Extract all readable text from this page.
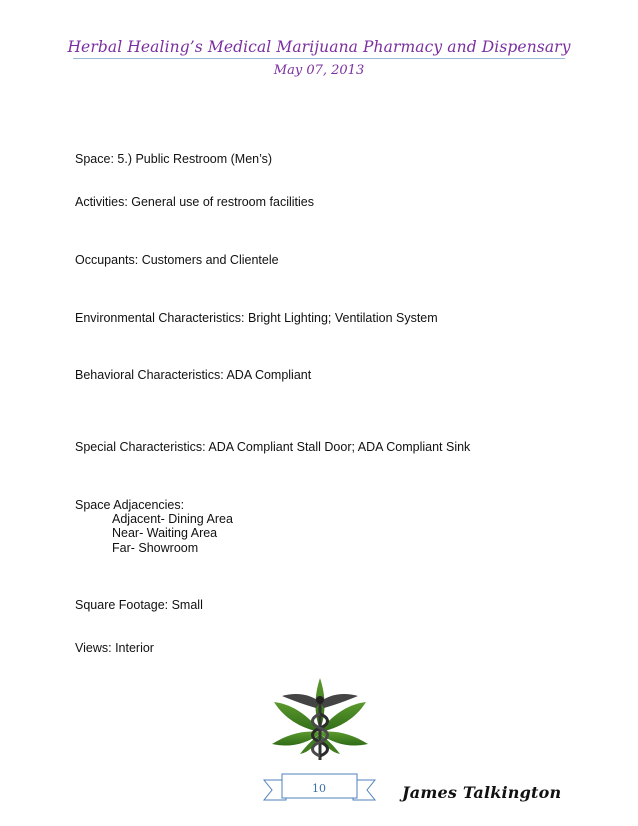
Herbal Healing’s Medical Marijuana Pharmacy and Dispensary
May 07, 2013
Space: 5.) Public Restroom (Men’s)
Activities: General use of restroom facilities
Occupants: Customers and Clientele
Environmental Characteristics: Bright Lighting; Ventilation System
Behavioral Characteristics: ADA Compliant
Special Characteristics: ADA Compliant Stall Door; ADA Compliant Sink
Space Adjacencies:
Adjacent- Dining Area
Near- Waiting Area
Far- Showroom
Square Footage: Small
Views: Interior
10	James Talkington
